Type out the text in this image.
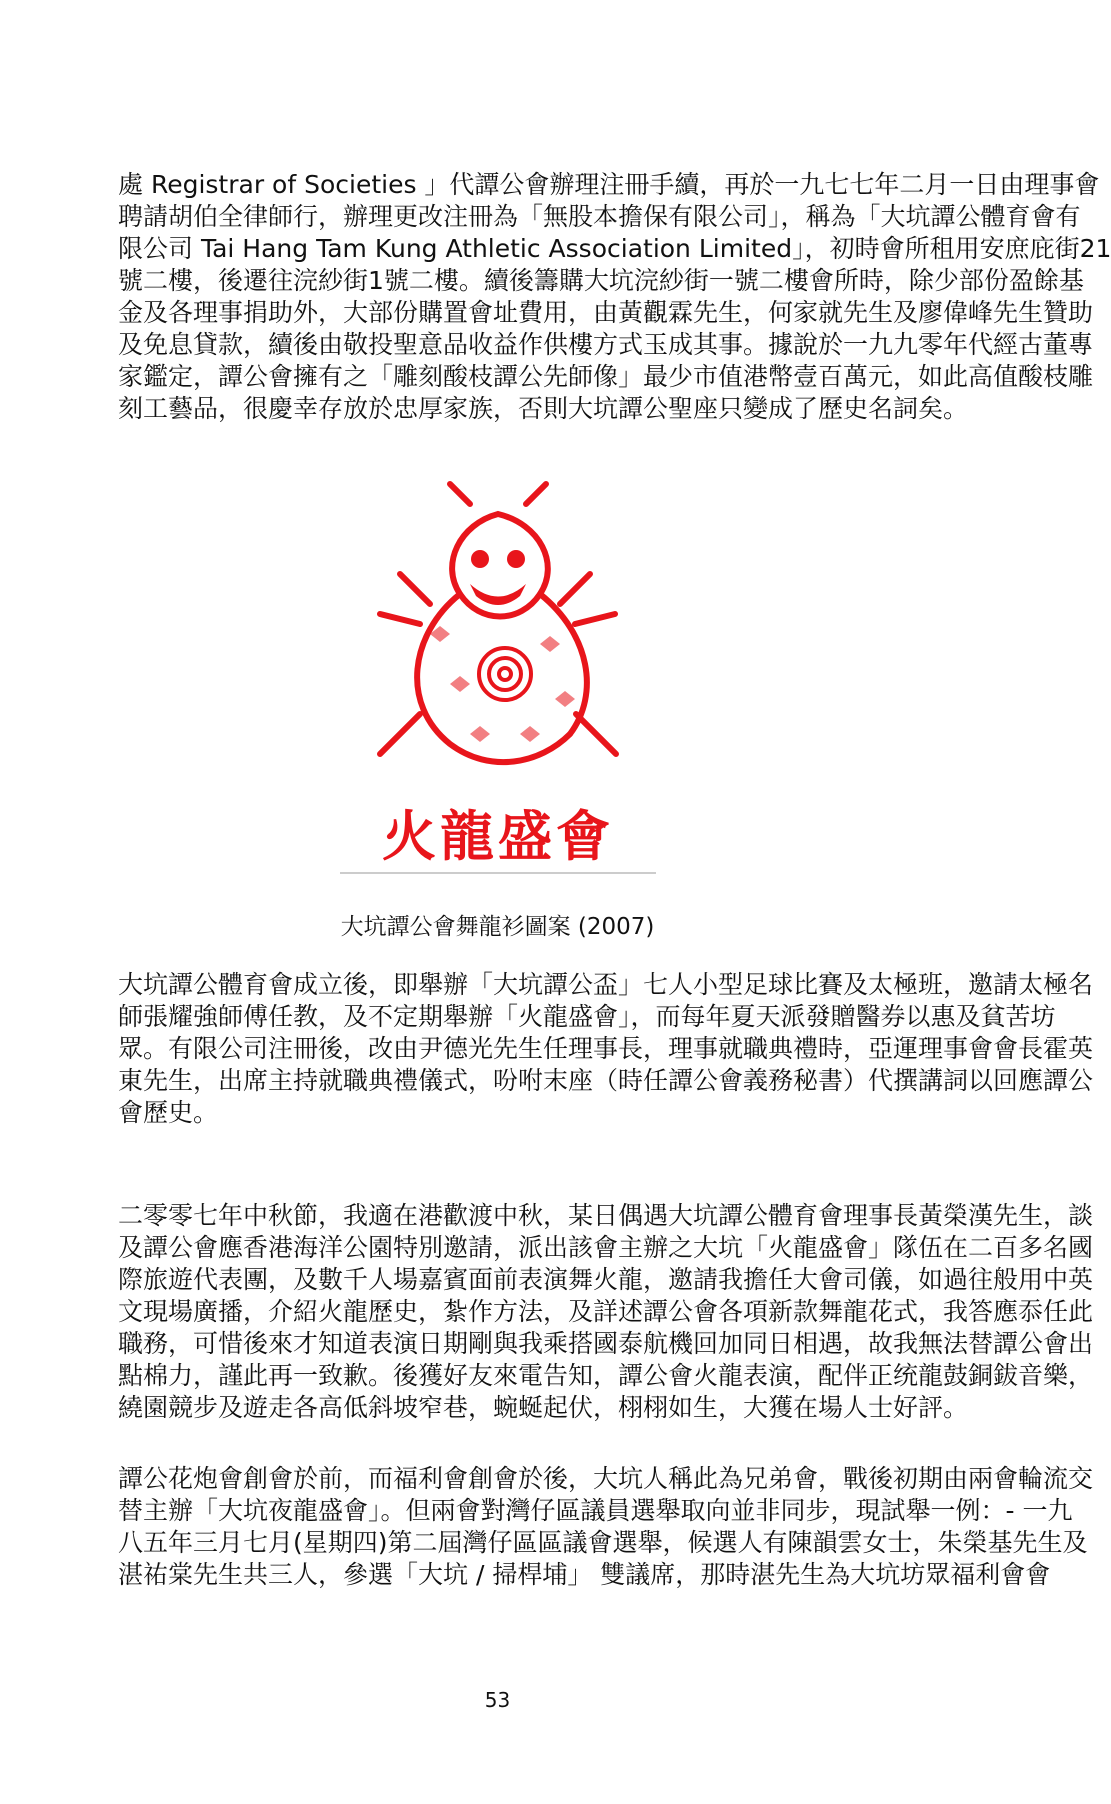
處 Registrar of Societies 」代譚公會辦理注冊手續，再於一九七七年二月一日由理事會
聘請胡伯全律師行，辦理更改注冊為「無股本擔保有限公司」，稱為「大坑譚公體育會有
限公司 Tai Hang Tam Kung Athletic Association Limited」，初時會所租用安庶庇街21
號二樓，後遷往浣紗街1號二樓。續後籌購大坑浣紗街一號二樓會所時，除少部份盈餘基
金及各理事捐助外，大部份購置會址費用，由黃觀霖先生，何家就先生及廖偉峰先生贊助
及免息貸款，續後由敬投聖意品收益作供樓方式玉成其事。據說於一九九零年代經古董專
家鑑定，譚公會擁有之「雕刻酸枝譚公先師像」最少市值港幣壹百萬元，如此高值酸枝雕
刻工藝品，很慶幸存放於忠厚家族，否則大坑譚公聖座只變成了歷史名詞矣。
火龍盛會
大坑譚公會舞龍衫圖案 (2007)
大坑譚公體育會成立後，即舉辦「大坑譚公盃」七人小型足球比賽及太極班，邀請太極名
師張耀強師傅任教，及不定期舉辦「火龍盛會」，而每年夏天派發贈醫券以惠及貧苦坊
眾。有限公司注冊後，改由尹德光先生任理事長，理事就職典禮時，亞運理事會會長霍英
東先生，出席主持就職典禮儀式，吩咐末座（時任譚公會義務秘書）代撰講詞以回應譚公
會歷史。
二零零七年中秋節，我適在港歡渡中秋，某日偶遇大坑譚公體育會理事長黃榮漢先生，談
及譚公會應香港海洋公園特別邀請，派出該會主辦之大坑「火龍盛會」隊伍在二百多名國
際旅遊代表團，及數千人場嘉賓面前表演舞火龍，邀請我擔任大會司儀，如過往般用中英
文現場廣播，介紹火龍歷史，紮作方法，及詳述譚公會各項新款舞龍花式，我答應忝任此
職務，可惜後來才知道表演日期剛與我乘搭國泰航機回加同日相遇，故我無法替譚公會出
點棉力，謹此再一致歉。後獲好友來電告知，譚公會火龍表演，配伴正统龍鼓銅鈸音樂，
繞園競步及遊走各高低斜坡窄巷，蜿蜒起伏，栩栩如生，大獲在場人士好評。
譚公花炮會創會於前，而福利會創會於後，大坑人稱此為兄弟會，戰後初期由兩會輪流交
替主辦「大坑夜龍盛會」。但兩會對灣仔區議員選舉取向並非同步，現試舉一例：- 一九
八五年三月七月(星期四)第二屆灣仔區區議會選舉，候選人有陳韻雲女士，朱榮基先生及
湛祐棠先生共三人，參選「大坑 / 掃桿埔」 雙議席，那時湛先生為大坑坊眾福利會會
53
